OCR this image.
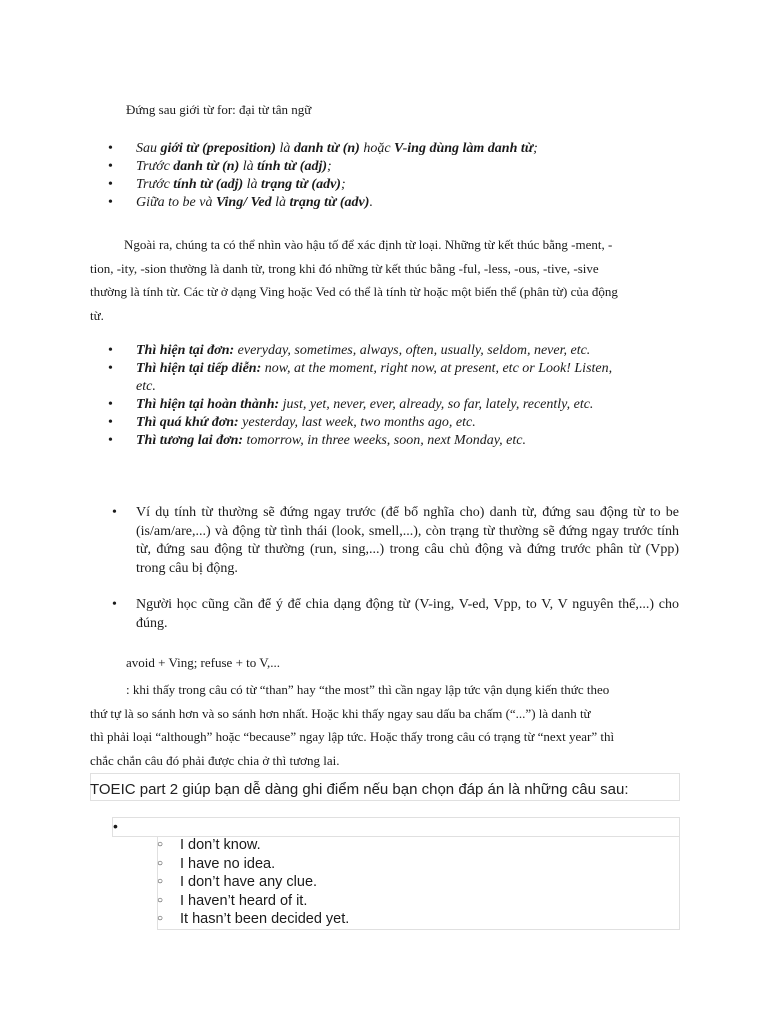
Đứng sau giới từ for: đại từ tân ngữ
• Sau giới từ (preposition) là danh từ (n) hoặc V-ing dùng làm danh từ;
• Trước danh từ (n) là tính từ (adj);
• Trước tính từ (adj) là trạng từ (adv);
• Giữa to be và Ving/ Ved là trạng từ (adv).
Ngoài ra, chúng ta có thể nhìn vào hậu tố để xác định từ loại. Những từ kết thúc bằng -ment, -
tion, -ity, -sion thường là danh từ, trong khi đó những từ kết thúc bằng -ful, -less, -ous, -tive, -sive
thường là tính từ. Các từ ở dạng Ving hoặc Ved có thể là tính từ hoặc một biến thể (phân từ) của động
từ.
• Thì hiện tại đơn: everyday, sometimes, always, often, usually, seldom, never, etc.
• Thì hiện tại tiếp diễn: now, at the moment, right now, at present, etc or Look! Listen,
etc.
• Thì hiện tại hoàn thành: just, yet, never, ever, already, so far, lately, recently, etc.
• Thì quá khứ đơn: yesterday, last week, two months ago, etc.
• Thì tương lai đơn: tomorrow, in three weeks, soon, next Monday, etc.
• Ví dụ tính từ thường sẽ đứng ngay trước (để bổ nghĩa cho) danh từ, đứng sau động từ to be (is/am/are,...) và động từ tình thái (look, smell,...), còn trạng từ thường sẽ đứng ngay trước tính từ, đứng sau động từ thường (run, sing,...) trong câu chủ động và đứng trước phân từ (Vpp) trong câu bị động.
• Người học cũng cần để ý để chia dạng động từ (V-ing, V-ed, Vpp, to V, V nguyên thể,...) cho đúng.
avoid + Ving; refuse + to V,...
: khi thấy trong câu có từ “than” hay “the most” thì cần ngay lập tức vận dụng kiến thức theo
thứ tự là so sánh hơn và so sánh hơn nhất. Hoặc khi thấy ngay sau dấu ba chấm (“...”) là danh từ
thì phải loại “although” hoặc “because” ngay lập tức. Hoặc thấy trong câu có trạng từ “next year” thì
chắc chắn câu đó phải được chia ở thì tương lai.
TOEIC part 2 giúp bạn dễ dàng ghi điểm nếu bạn chọn đáp án là những câu sau:
•
○ I don’t know.
○ I have no idea.
○ I don’t have any clue.
○ I haven’t heard of it.
○ It hasn’t been decided yet.
